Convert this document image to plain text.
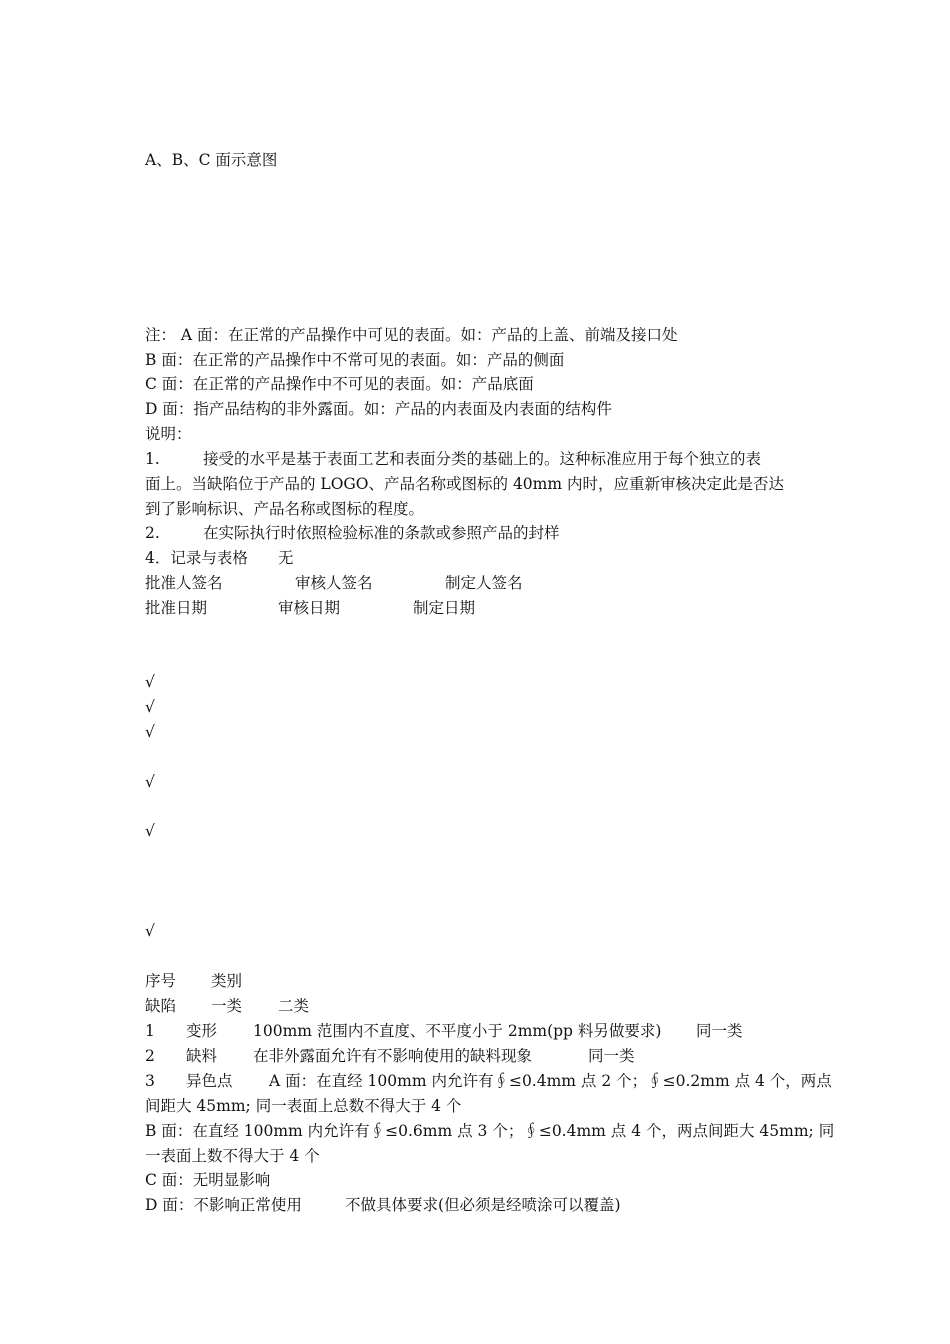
A、B、C 面示意图
注： A 面：在正常的产品操作中可见的表面。如：产品的上盖、前端及接口处
B 面：在正常的产品操作中不常可见的表面。如：产品的侧面
C 面：在正常的产品操作中不可见的表面。如：产品底面
D 面：指产品结构的非外露面。如：产品的内表面及内表面的结构件
说明：
1.	接受的水平是基于表面工艺和表面分类的基础上的。这种标准应用于每个独立的表
面上。当缺陷位于产品的 LOGO、产品名称或图标的 40mm 内时，应重新审核决定此是否达
到了影响标识、产品名称或图标的程度。
2.	在实际执行时依照检验标准的条款或参照产品的封样
4．记录与表格 无
批准人签名	审核人签名	制定人签名
批准日期	审核日期	制定日期
√
√
√
√
√
√
序号 类别
缺陷 一类 二类
1 变形 100mm 范围内不直度、不平度小于 2mm(pp 料另做要求) 同一类
2 缺料 在非外露面允许有不影响使用的缺料现象	同一类
3 异色点 A 面：在直经 100mm 内允许有∮≤0.4mm 点 2 个；∮≤0.2mm 点 4 个，两点
间距大 45mm; 同一表面上总数不得大于 4 个
B 面：在直经 100mm 内允许有∮≤0.6mm 点 3 个；∮≤0.4mm 点 4 个，两点间距大 45mm; 同
一表面上数不得大于 4 个
C 面：无明显影响
D 面：不影响正常使用	不做具体要求(但必须是经喷涂可以覆盖)
